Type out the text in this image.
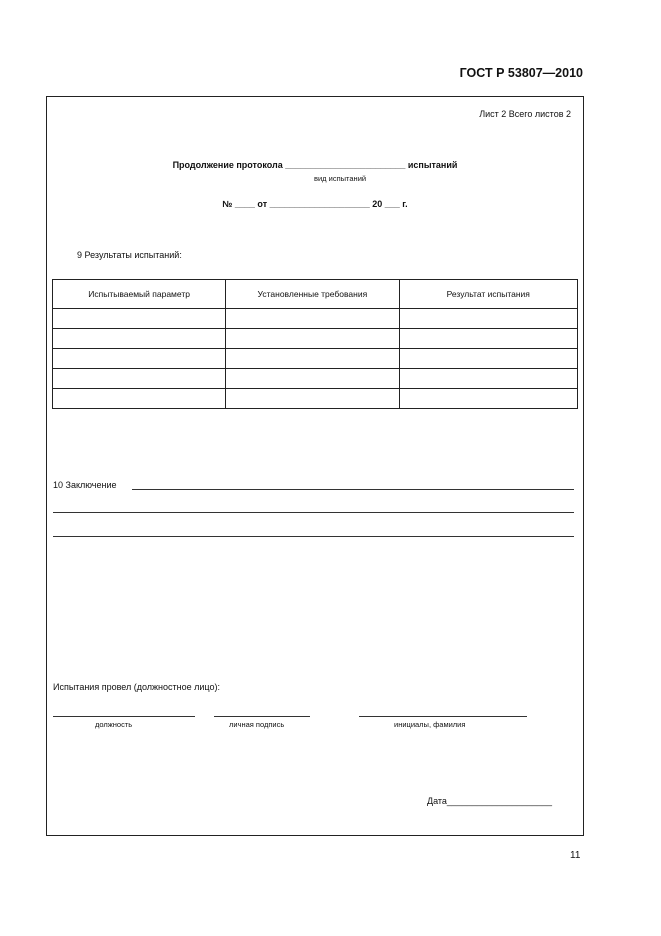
ГОСТ Р 53807—2010
Лист 2 Всего листов 2
Продолжение протокола ________________________ испытаний
вид испытаний
№ ____ от ____________________ 20 ___ г.
9 Результаты испытаний:
Испытываемый параметр	Установленные требования	Результат испытания

10 Заключение
Испытания провел (должностное лицо):
должность	личная подпись	инициалы, фамилия
Дата_____________________
11
